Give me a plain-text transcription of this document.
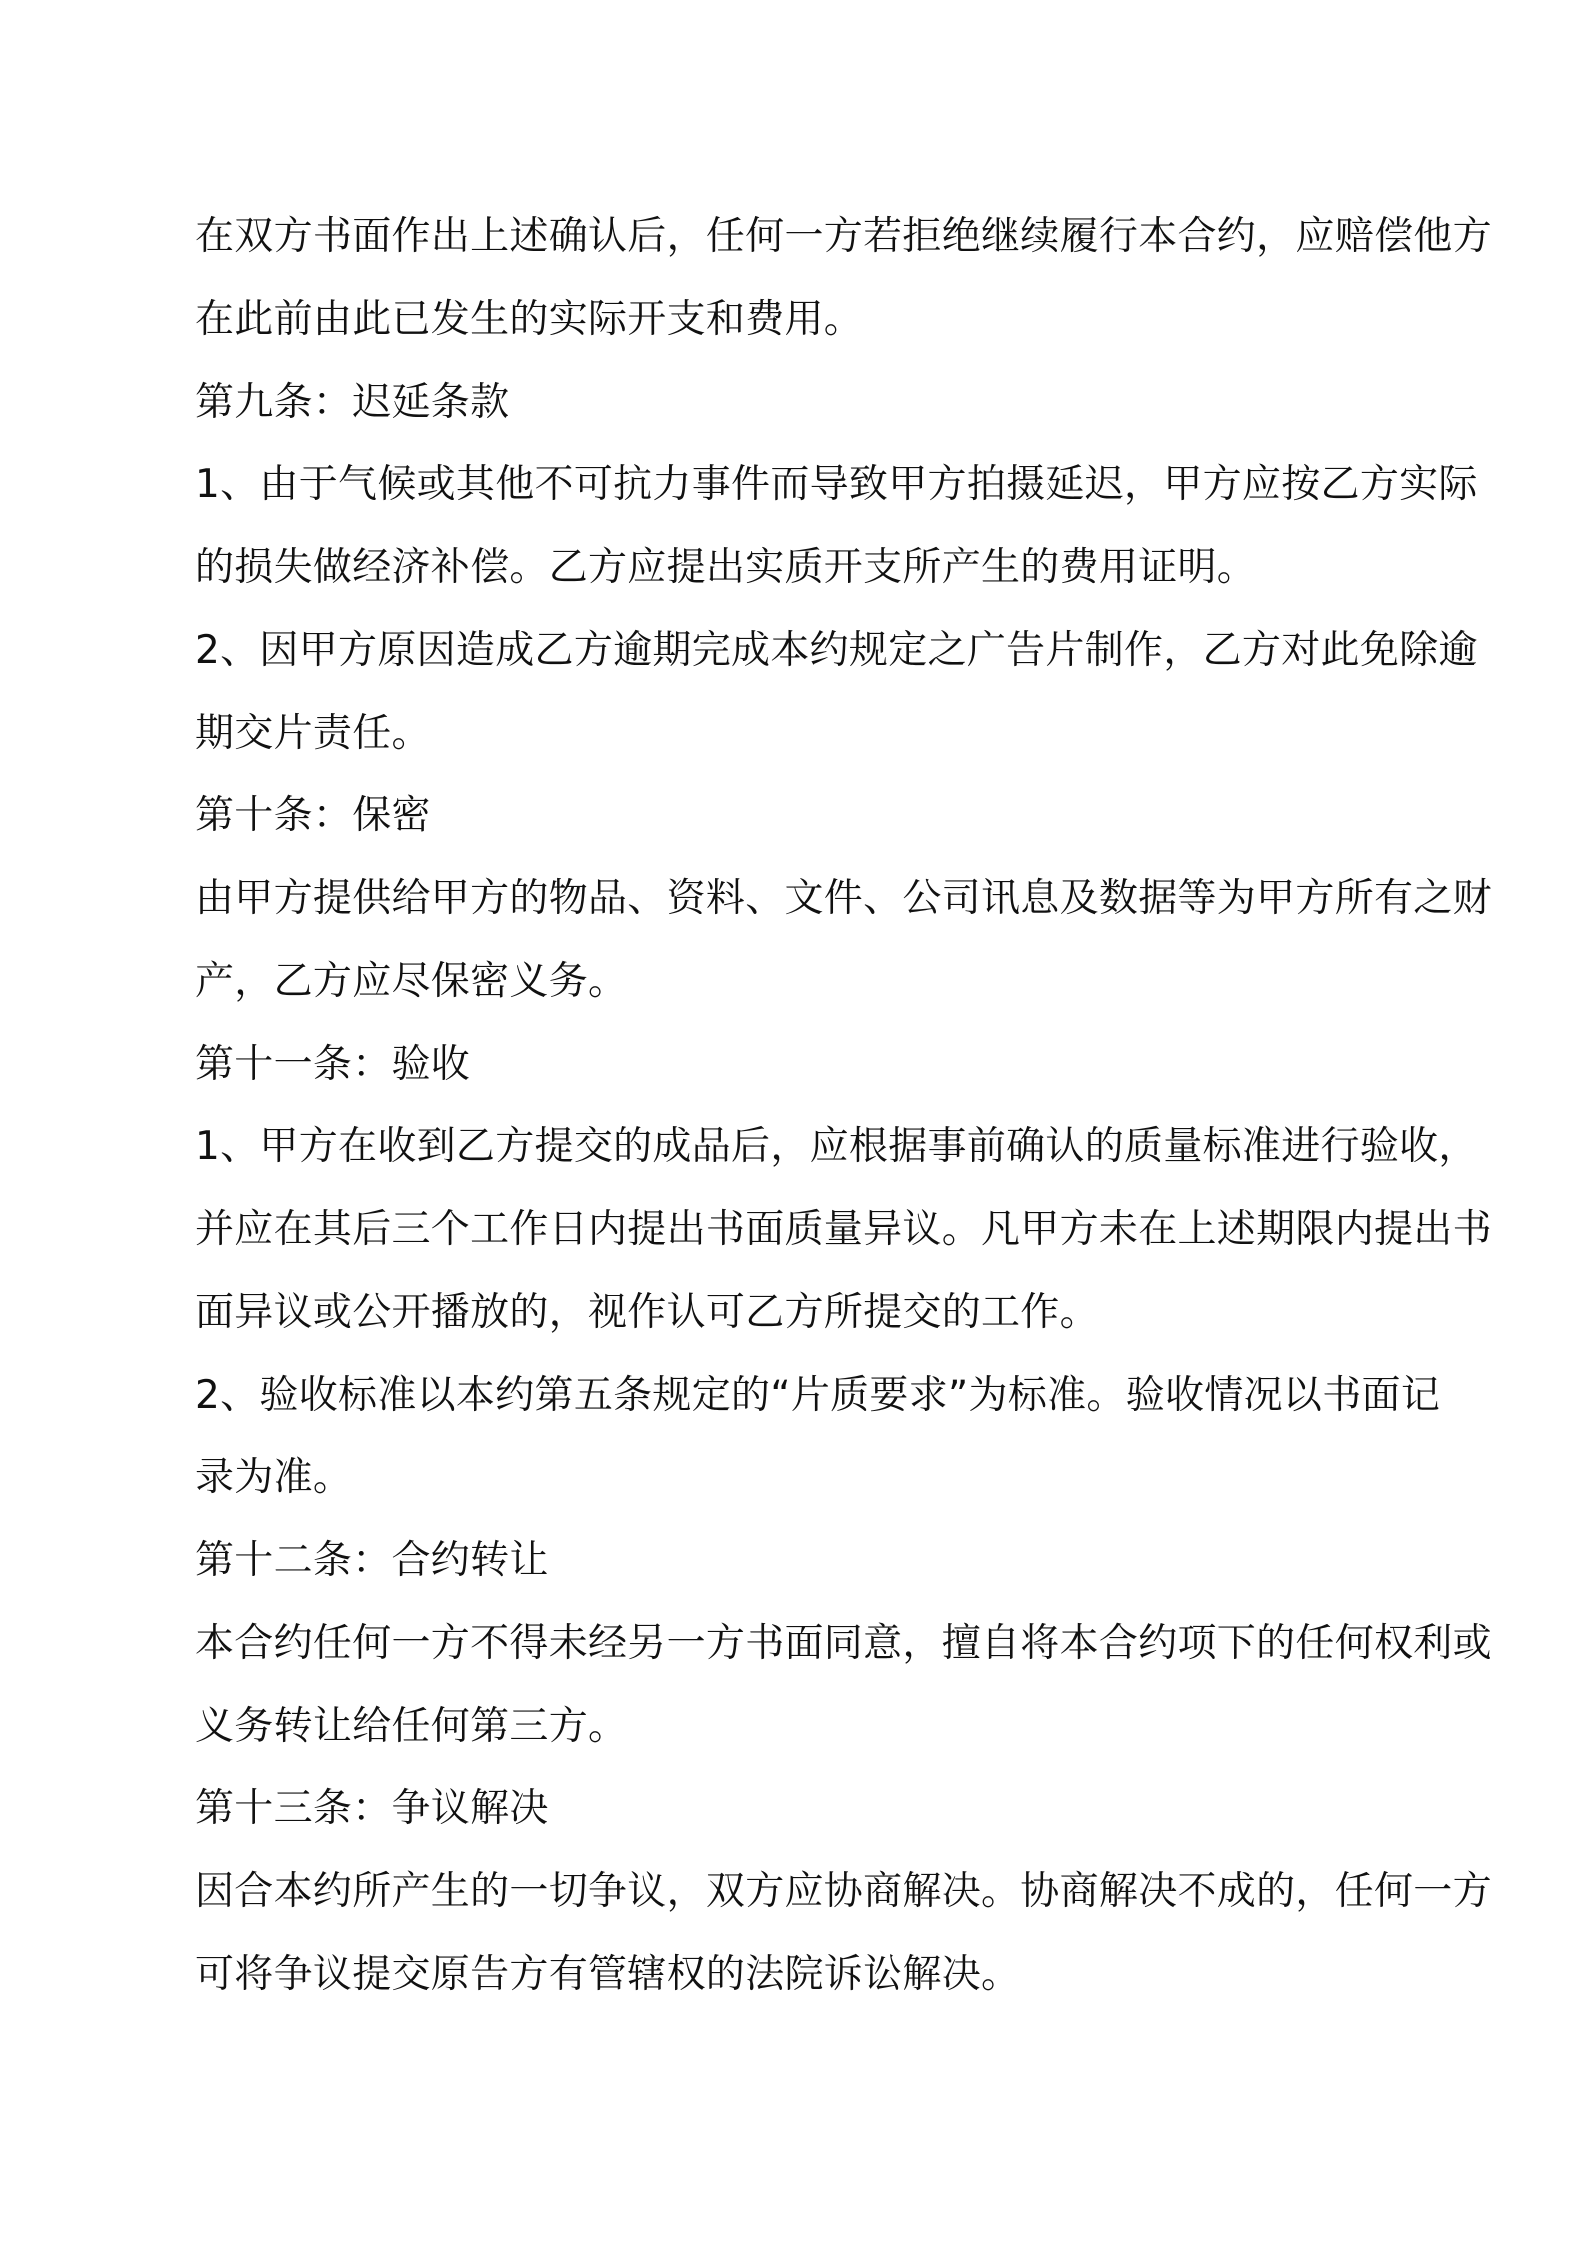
在双方书面作出上述确认后，任何一方若拒绝继续履行本合约，应赔偿他方
在此前由此已发生的实际开支和费用。
第九条：迟延条款
1、由于气候或其他不可抗力事件而导致甲方拍摄延迟，甲方应按乙方实际
的损失做经济补偿。乙方应提出实质开支所产生的费用证明。
2、因甲方原因造成乙方逾期完成本约规定之广告片制作，乙方对此免除逾
期交片责任。
第十条：保密
由甲方提供给甲方的物品、资料、文件、公司讯息及数据等为甲方所有之财
产，乙方应尽保密义务。
第十一条：验收
1、甲方在收到乙方提交的成品后，应根据事前确认的质量标准进行验收，
并应在其后三个工作日内提出书面质量异议。凡甲方未在上述期限内提出书
面异议或公开播放的，视作认可乙方所提交的工作。
2、验收标准以本约第五条规定的“片质要求”为标准。验收情况以书面记
录为准。
第十二条：合约转让
本合约任何一方不得未经另一方书面同意，擅自将本合约项下的任何权利或
义务转让给任何第三方。
第十三条：争议解决
因合本约所产生的一切争议，双方应协商解决。协商解决不成的，任何一方
可将争议提交原告方有管辖权的法院诉讼解决。
